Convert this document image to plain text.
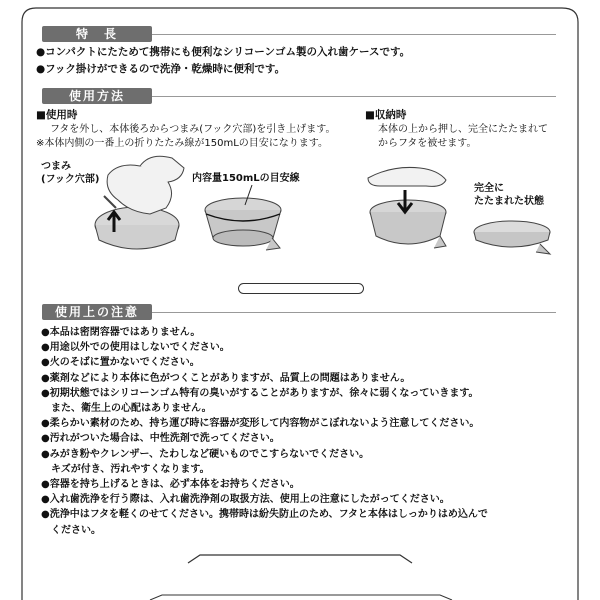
特　長
●コンパクトにたためて携帯にも便利なシリコーンゴム製の入れ歯ケースです。
●フック掛けができるので洗浄・乾燥時に便利です。
使用方法
■使用時
フタを外し、本体後ろからつまみ(フック穴部)を引き上げます。
※本体内側の一番上の折りたたみ線が150mLの目安になります。
■収納時
本体の上から押し、完全にたたまれて
からフタを被せます。
つまみ
(フック穴部)	内容量150mLの目安線
完全に
たたまれた状態
使用上の注意
●本品は密閉容器ではありません。
●用途以外での使用はしないでください。
●火のそばに置かないでください。
●薬剤などにより本体に色がつくことがありますが、品質上の問題はありません。
●初期状態ではシリコーンゴム特有の臭いがすることがありますが、徐々に弱くなっていきます。
また、衛生上の心配はありません。
●柔らかい素材のため、持ち運び時に容器が変形して内容物がこぼれないよう注意してください。
●汚れがついた場合は、中性洗剤で洗ってください。
●みがき粉やクレンザー、たわしなど硬いものでこすらないでください。
キズが付き、汚れやすくなります。
●容器を持ち上げるときは、必ず本体をお持ちください。
●入れ歯洗浄を行う際は、入れ歯洗浄剤の取扱方法、使用上の注意にしたがってください。
●洗浄中はフタを軽くのせてください。携帯時は紛失防止のため、フタと本体はしっかりはめ込んで
ください。
